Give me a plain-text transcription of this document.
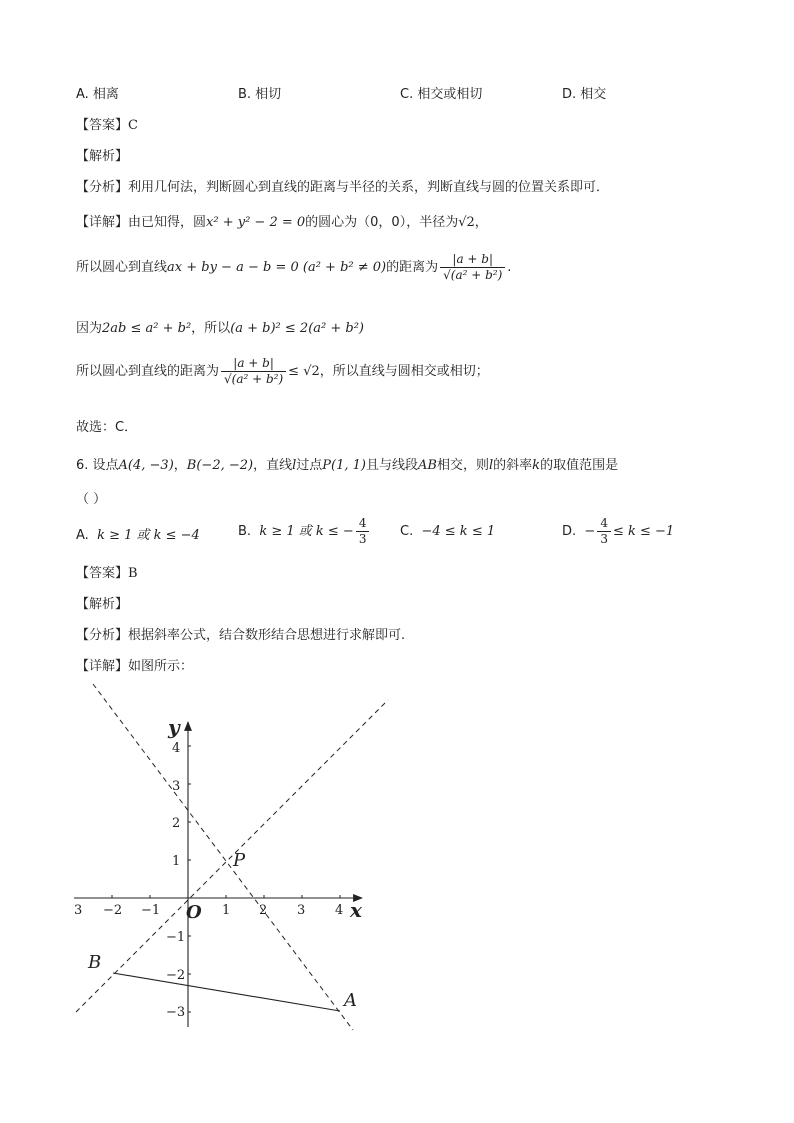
A. 相离	B. 相切	C. 相交或相切	D. 相交
【答案】C
【解析】
【分析】利用几何法，判断圆心到直线的距离与半径的关系，判断直线与圆的位置关系即可．
【详解】由已知得，圆x² + y² − 2 = 0的圆心为（0，0），半径为√2，
所以圆心到直线ax + by − a − b = 0 (a² + b² ≠ 0)的距离为 $\frac{|a + b|}{\text{√(a² + b²)}}$ .
因为2ab ≤ a² + b²，所以(a + b)² ≤ 2(a² + b²)
所以圆心到直线的距离为 $\frac{|a + b|}{\text{√(a² + b²)}} \le √2$，所以直线与圆相交或相切；
故选：C．
6. 设点A(4, −3)，B(−2, −2)，直线l过点P(1, 1)且与线段AB相交，则l的斜率k的取值范围是
（ ）
A. k ≥ 1 或 k ≤ −4	B. k ≥ 1 或 k ≤ − $\frac{4}{3} C$. −4 ≤ k ≤ 1	D. − $\frac{4}{3} \le k \le -1$
【答案】B
【解析】
【分析】根据斜率公式，结合数形结合思想进行求解即可.
【详解】如图所示：
3 −2 −1	1 2 3 4
4
3
2
1
−1
−2
−3
x
y
O
P
A
B
